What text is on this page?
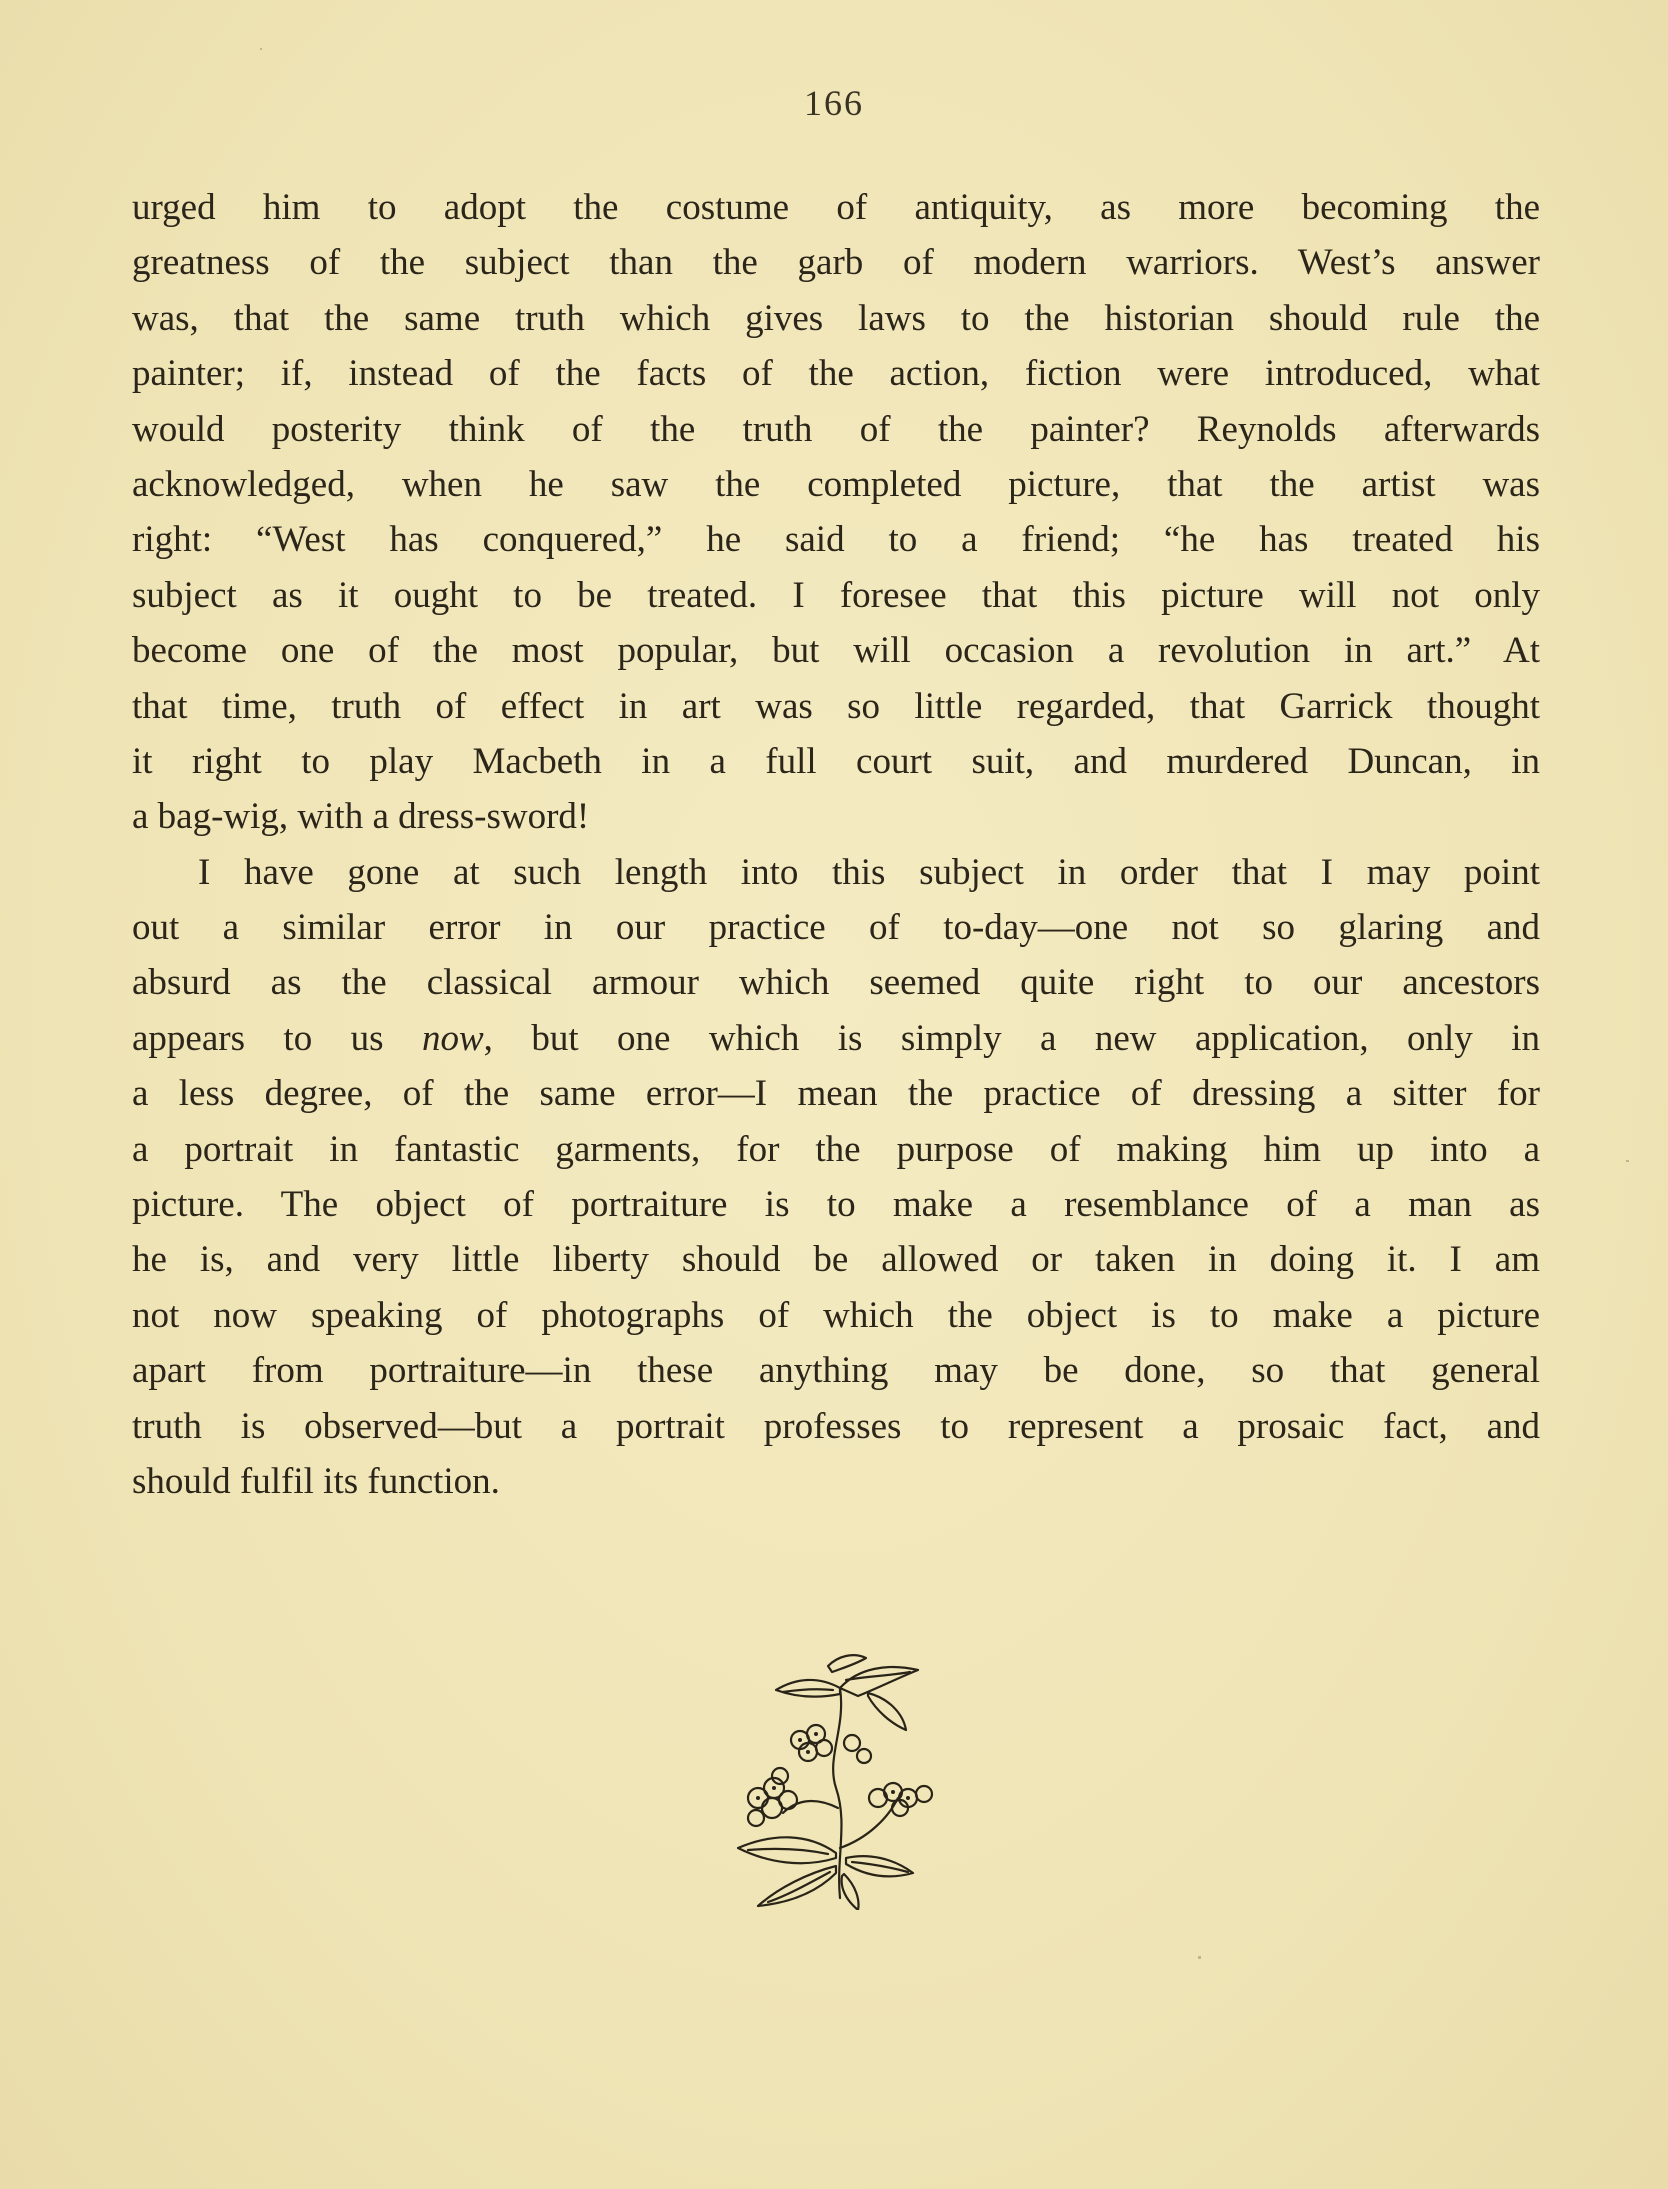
166
urged him to adopt the costume of antiquity, as more becoming the
greatness of the subject than the garb of modern warriors. West’s answer
was, that the same truth which gives laws to the historian should rule the
painter; if, instead of the facts of the action, fiction were introduced, what
would posterity think of the truth of the painter? Reynolds afterwards
acknowledged, when he saw the completed picture, that the artist was
right: “West has conquered,” he said to a friend; “he has treated his
subject as it ought to be treated. I foresee that this picture will not only
become one of the most popular, but will occasion a revolution in art.” At
that time, truth of effect in art was so little regarded, that Garrick thought
it right to play Macbeth in a full court suit, and murdered Duncan, in
a bag-wig, with a dress-sword!
I have gone at such length into this subject in order that I may point
out a similar error in our practice of to-day—one not so glaring and
absurd as the classical armour which seemed quite right to our ancestors
appears to us now, but one which is simply a new application, only in
a less degree, of the same error—I mean the practice of dressing a sitter for
a portrait in fantastic garments, for the purpose of making him up into a
picture. The object of portraiture is to make a resemblance of a man as
he is, and very little liberty should be allowed or taken in doing it. I am
not now speaking of photographs of which the object is to make a picture
apart from portraiture—in these anything may be done, so that general
truth is observed—but a portrait professes to represent a prosaic fact, and
should fulfil its function.
